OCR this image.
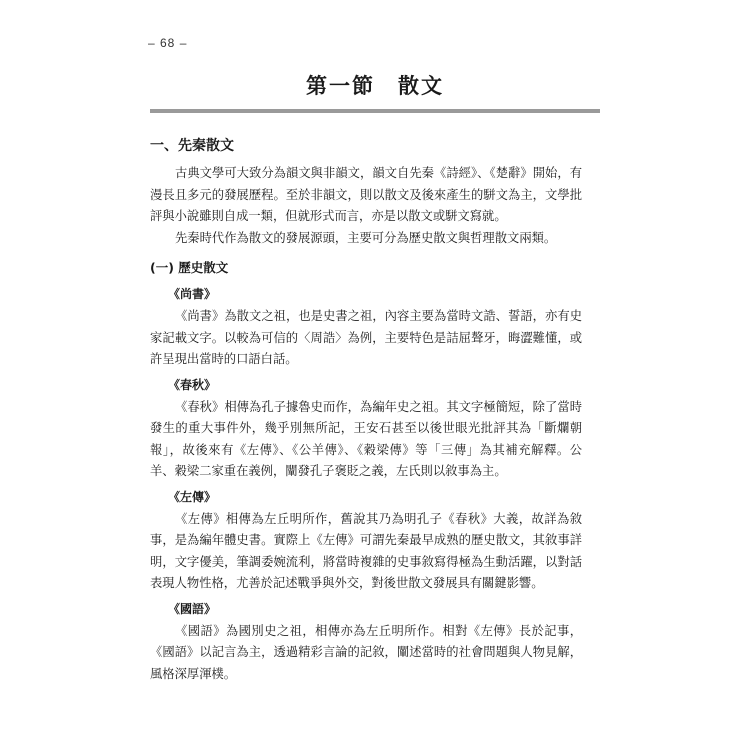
– 68 –
第一節　散文
一、先秦散文

古典文學可大致分為韻文與非韻文，韻文自先秦《詩經》、《楚辭》開始，有漫長且多元的發展歷程。至於非韻文，則以散文及後來產生的駢文為主，文學批評與小說雖則自成一類，但就形式而言，亦是以散文或駢文寫就。

先秦時代作為散文的發展源頭，主要可分為歷史散文與哲理散文兩類。

(一) 歷史散文
《尚書》

《尚書》為散文之祖，也是史書之祖，內容主要為當時文誥、誓語，亦有史家記載文字。以較為可信的〈周誥〉為例，主要特色是詰屈聱牙，晦澀難懂，或許呈現出當時的口語白話。

《春秋》

《春秋》相傳為孔子據魯史而作，為編年史之祖。其文字極簡短，除了當時發生的重大事件外，幾乎別無所記，王安石甚至以後世眼光批評其為「斷爛朝報」，故後來有《左傳》、《公羊傳》、《穀梁傳》等「三傳」為其補充解釋。公羊、穀梁二家重在義例，闡發孔子褒貶之義，左氏則以敘事為主。

《左傳》

《左傳》相傳為左丘明所作，舊說其乃為明孔子《春秋》大義，故詳為敘事，是為編年體史書。實際上《左傳》可謂先秦最早成熟的歷史散文，其敘事詳明，文字優美，筆調委婉流利，將當時複雜的史事敘寫得極為生動活躍，以對話表現人物性格，尤善於記述戰爭與外交，對後世散文發展具有關鍵影響。

《國語》

《國語》為國別史之祖，相傳亦為左丘明所作。相對《左傳》長於記事，《國語》以記言為主，透過精彩言論的記敘，闡述當時的社會問題與人物見解，風格深厚渾樸。
